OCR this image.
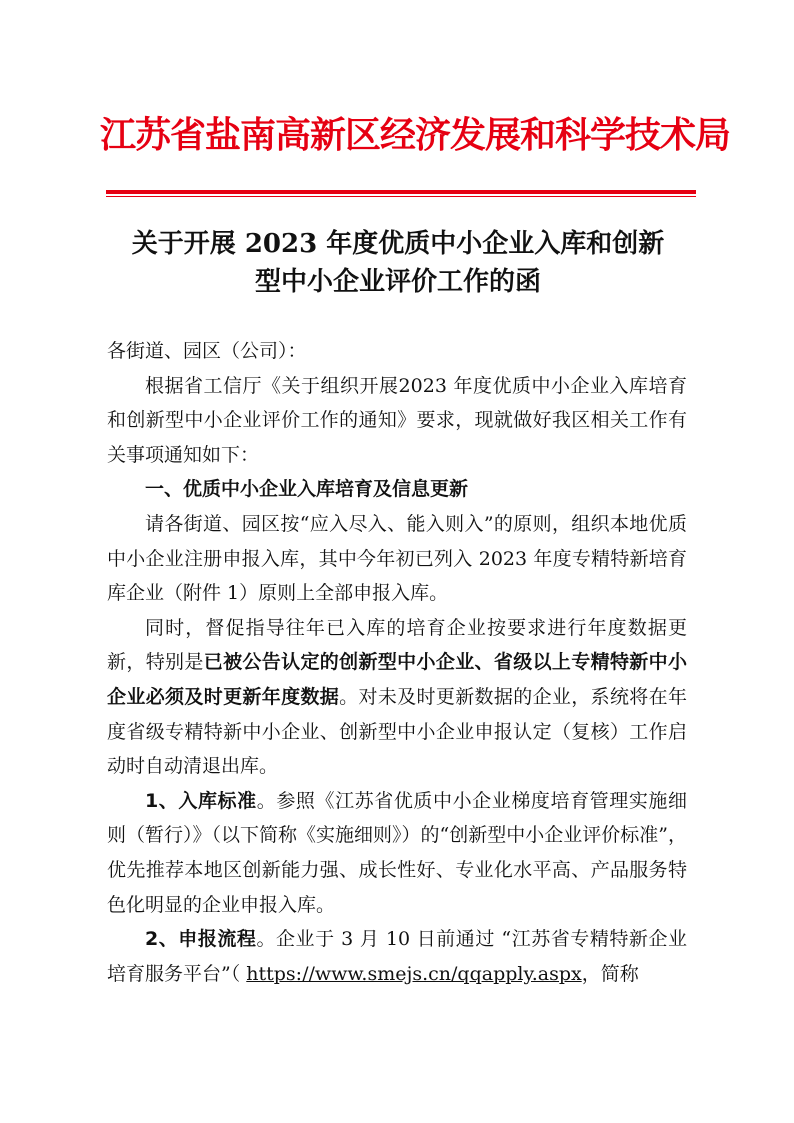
江苏省盐南高新区经济发展和科学技术局
关于开展 2023 年度优质中小企业入库和创新
型中小企业评价工作的函

各街道、园区（公司）：

根据省工信厅《关于组织开展2023 年度优质中小企业入库培育和创新型中小企业评价工作的通知》要求，现就做好我区相关工作有关事项通知如下：

一、优质中小企业入库培育及信息更新

请各街道、园区按“应入尽入、能入则入”的原则，组织本地优质中小企业注册申报入库，其中今年初已列入 2023 年度专精特新培育库企业（附件 1）原则上全部申报入库。

同时，督促指导往年已入库的培育企业按要求进行年度数据更新，特别是已被公告认定的创新型中小企业、省级以上专精特新中小企业必须及时更新年度数据。对未及时更新数据的企业，系统将在年度省级专精特新中小企业、创新型中小企业申报认定（复核）工作启动时自动清退出库。

1、入库标准。参照《江苏省优质中小企业梯度培育管理实施细则（暂行）》（以下简称《实施细则》）的“创新型中小企业评价标准”，优先推荐本地区创新能力强、成长性好、专业化水平高、产品服务特色化明显的企业申报入库。

2、申报流程。企业于 3 月 10 日前通过 “江苏省专精特新企业培育服务平台”（ https://www.smejs.cn/qqapply.aspx，简称
